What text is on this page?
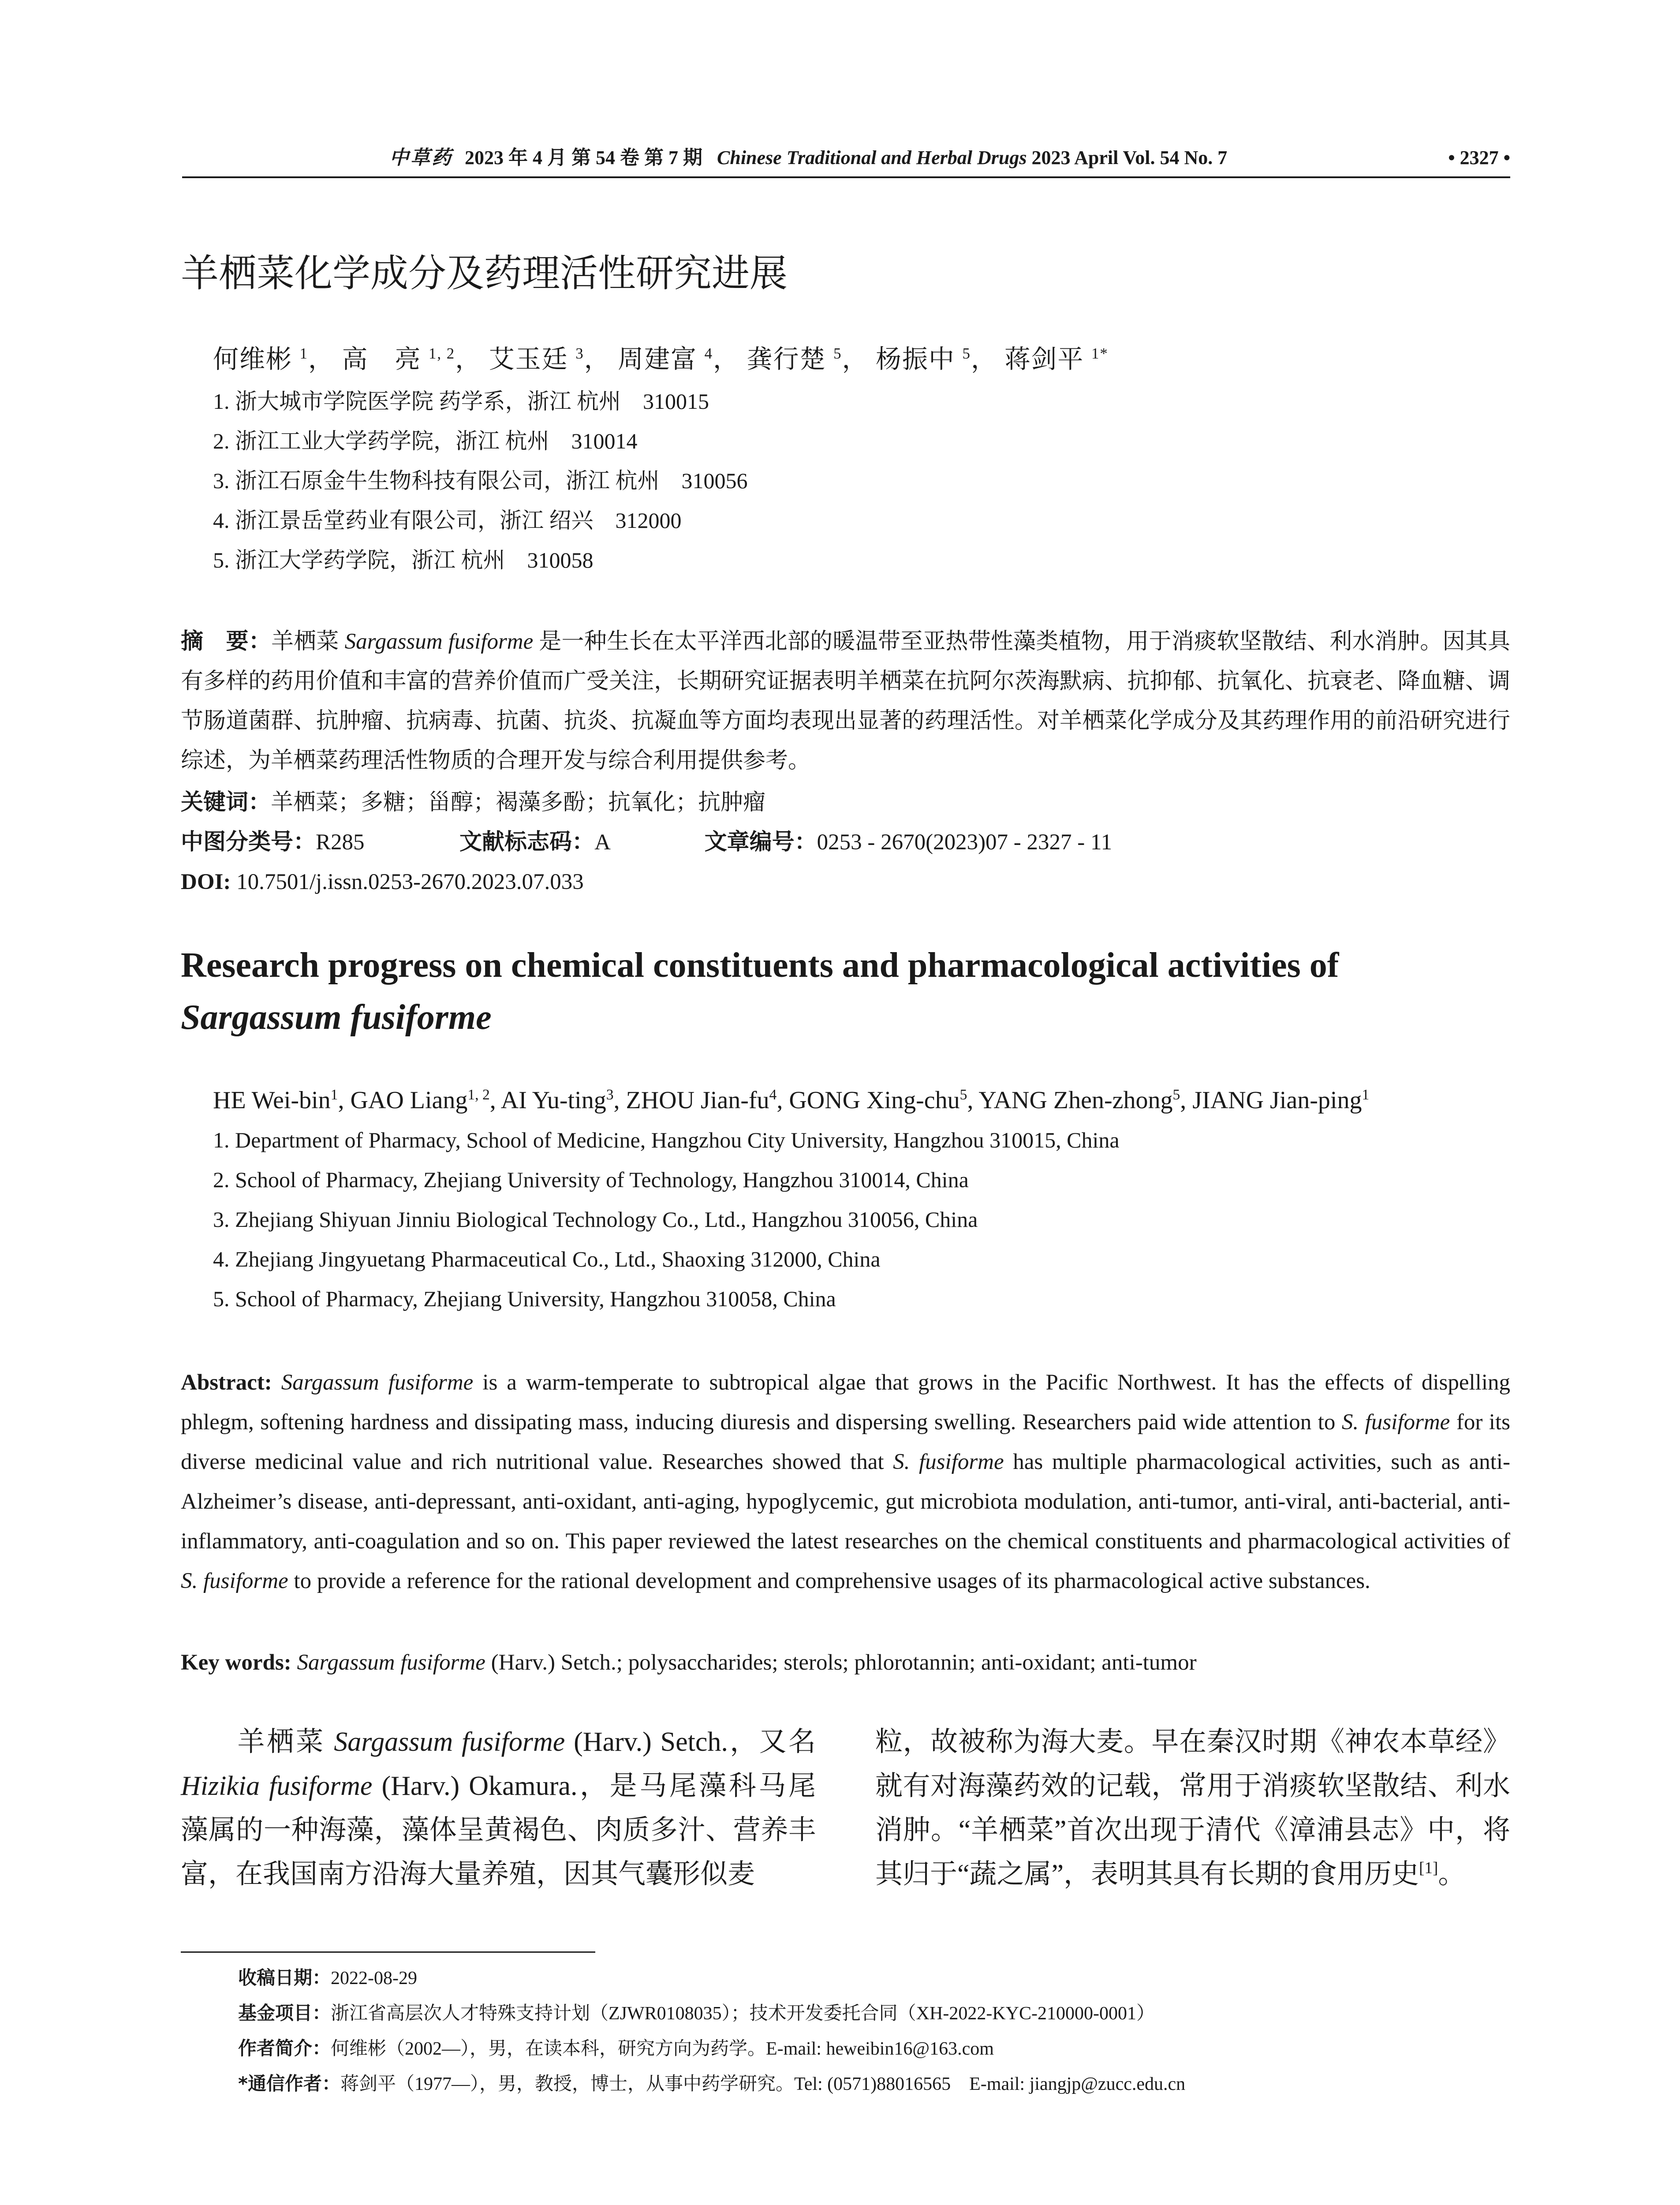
中草药 2023 年 4 月 第 54 卷 第 7 期 Chinese Traditional and Herbal Drugs 2023 April Vol. 54 No. 7	• 2327 •
羊栖菜化学成分及药理活性研究进展
何维彬 $^1$， 高　亮 $^{1, 2}$， 艾玉廷 $^3$， 周建富 $^4$， 龚行楚 $^5$， 杨振中 $^5$， 蒋剑平 $^{1*}$
1. 浙大城市学院医学院 药学系，浙江 杭州　310015
2. 浙江工业大学药学院，浙江 杭州　310014
3. 浙江石原金牛生物科技有限公司，浙江 杭州　310056
4. 浙江景岳堂药业有限公司，浙江 绍兴　312000
5. 浙江大学药学院，浙江 杭州　310058
摘　要：羊栖菜 Sargassum fusiforme 是一种生长在太平洋西北部的暖温带至亚热带性藻类植物，用于消痰软坚散结、利水消肿。因其具有多样的药用价值和丰富的营养价值而广受关注，长期研究证据表明羊栖菜在抗阿尔茨海默病、抗抑郁、抗氧化、抗衰老、降血糖、调节肠道菌群、抗肿瘤、抗病毒、抗菌、抗炎、抗凝血等方面均表现出显著的药理活性。对羊栖菜化学成分及其药理作用的前沿研究进行综述，为羊栖菜药理活性物质的合理开发与综合利用提供参考。
关键词：羊栖菜；多糖；甾醇；褐藻多酚；抗氧化；抗肿瘤
中图分类号：R285	文献标志码：A	文章编号：0253 - 2670(2023)07 - 2327 - 11
DOI: 10.7501/j.issn.0253-2670.2023.07.033
Research progress on chemical constituents and pharmacological activities of
Sargassum fusiforme
HE Wei-bin$^1$, GAO Liang$^{1, 2}$, AI Yu-ting$^3$, ZHOU Jian-$fu^4$, GONG Xing-chu$^5$, YANG Zhen-zhong$^5$, JIANG Jian-ping$^1$
1. Department of Pharmacy, School of Medicine, Hangzhou City University, Hangzhou 310015, China
2. School of Pharmacy, Zhejiang University of Technology, Hangzhou 310014, China
3. Zhejiang Shiyuan Jinniu Biological Technology Co., Ltd., Hangzhou 310056, China
4. Zhejiang Jingyuetang Pharmaceutical Co., Ltd., Shaoxing 312000, China
5. School of Pharmacy, Zhejiang University, Hangzhou 310058, China
Abstract: Sargassum fusiforme is a warm-temperate to subtropical algae that grows in the Pacific Northwest. It has the effects of dispelling phlegm, softening hardness and dissipating mass, inducing diuresis and dispersing swelling. Researchers paid wide attention to S. fusiforme for its diverse medicinal value and rich nutritional value. Researches showed that S. fusiforme has multiple pharmacological activities, such as anti-Alzheimer’s disease, anti-depressant, anti-oxidant, anti-aging, hypoglycemic, gut microbiota modulation, anti-tumor, anti-viral, anti-bacterial, anti-inflammatory, anti-coagulation and so on. This paper reviewed the latest researches on the chemical constituents and pharmacological activities of S. fusiforme to provide a reference for the rational development and comprehensive usages of its pharmacological active substances.
Key words: Sargassum fusiforme (Harv.) Setch.; polysaccharides; sterols; phlorotannin; anti-oxidant; anti-tumor
羊栖菜 Sargassum fusiforme (Harv.) Setch.，又名 Hizikia fusiforme (Harv.) Okamura.，是马尾藻科马尾藻属的一种海藻，藻体呈黄褐色、肉质多汁、营养丰富，在我国南方沿海大量养殖，因其气囊形似麦
粒，故被称为海大麦。早在秦汉时期《神农本草经》就有对海藻药效的记载，常用于消痰软坚散结、利水消肿。“羊栖菜”首次出现于清代《漳浦县志》中，将其归于“蔬之属”，表明其具有长期的食用历史[1]。
收稿日期：2022-08-29
基金项目：浙江省高层次人才特殊支持计划（ZJWR0108035）；技术开发委托合同（XH-2022-KYC-210000-0001）
作者简介：何维彬（2002—），男，在读本科，研究方向为药学。E-mail: heweibin16@163.com
*通信作者：蒋剑平（1977—），男，教授，博士，从事中药学研究。Tel: (0571)88016565　E-mail: jiangjp@zucc.edu.cn
